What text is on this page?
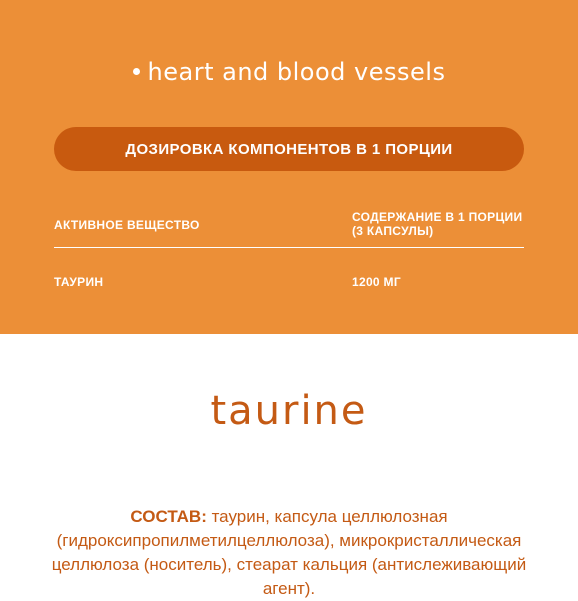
heart and blood vessels
ДОЗИРОВКА КОМПОНЕНТОВ В 1 ПОРЦИИ
АКТИВНОЕ ВЕЩЕСТВО
СОДЕРЖАНИЕ В 1 ПОРЦИИ (3 КАПСУЛЫ)
ТАУРИН	1200 МГ
taurine
СОСТАВ: таурин, капсула целлюлозная (гидроксипропилметилцеллюлоза), микрокристаллическая целлюлоза (носитель), стеарат кальция (антислеживающий агент).
